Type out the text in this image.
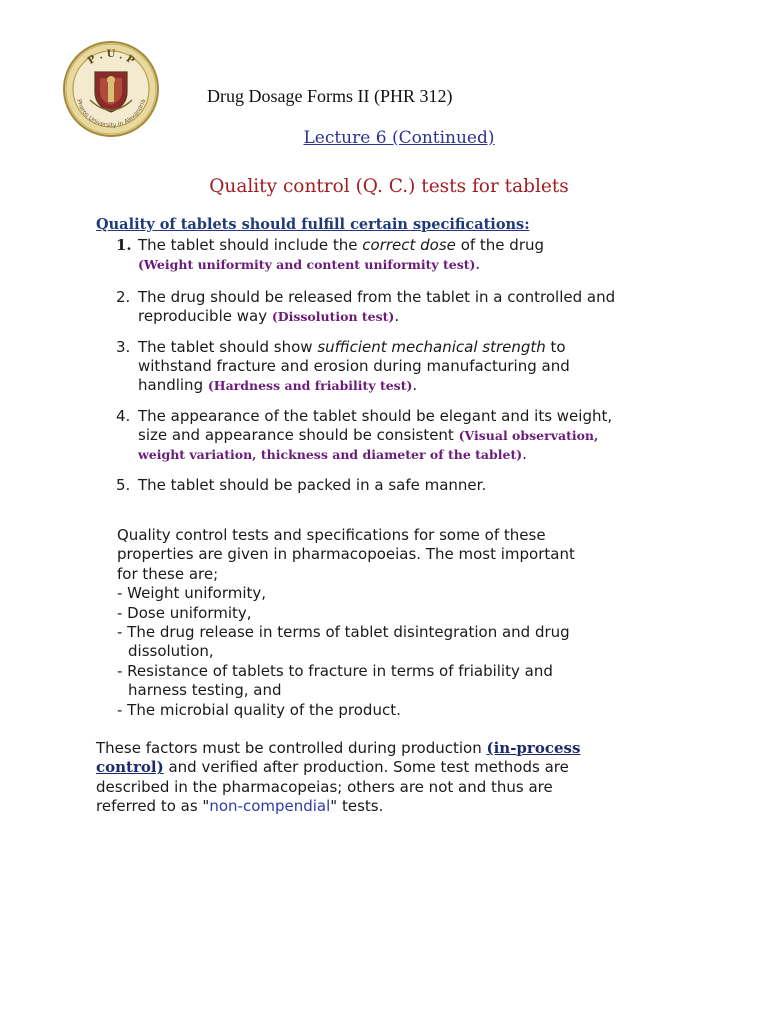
P . U . P
Pharos University in Alexandria	Drug Dosage Forms II (PHR 312)
Lecture 6 (Continued)
Quality control (Q. C.) tests for tablets
Quality of tablets should fulfill certain specifications:
1. The tablet should include the correct dose of the drug
(Weight uniformity and content uniformity test).
2. The drug should be released from the tablet in a controlled and reproducible way (Dissolution test).
3. The tablet should show sufficient mechanical strength to withstand fracture and erosion during manufacturing and handling (Hardness and friability test).
4. The appearance of the tablet should be elegant and its weight, size and appearance should be consistent (Visual observation, weight variation, thickness and diameter of the tablet).
5. The tablet should be packed in a safe manner.
Quality control tests and specifications for some of these
properties are given in pharmacopoeias. The most important
for these are;
- Weight uniformity,
- Dose uniformity,
- The drug release in terms of tablet disintegration and drug
dissolution,
- Resistance of tablets to fracture in terms of friability and
harness testing, and
- The microbial quality of the product.
These factors must be controlled during production (in-process control) and verified after production. Some test methods are described in the pharmacopeias; others are not and thus are referred to as "non-compendial" tests.
